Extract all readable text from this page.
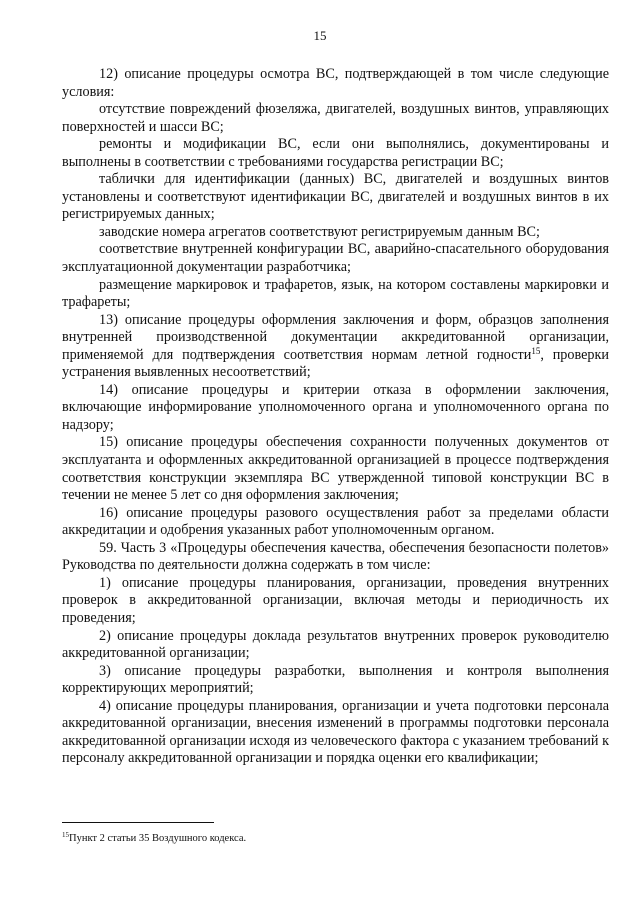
15

12) описание процедуры осмотра ВС, подтверждающей в том числе следующие условия:

отсутствие повреждений фюзеляжа, двигателей, воздушных винтов, управляющих поверхностей и шасси ВС;

ремонты и модификации ВС, если они выполнялись, документированы и выполнены в соответствии с требованиями государства регистрации ВС;

таблички для идентификации (данных) ВС, двигателей и воздушных винтов установлены и соответствуют идентификации ВС, двигателей и воздушных винтов в их регистрируемых данных;

заводские номера агрегатов соответствуют регистрируемым данным ВС;

соответствие внутренней конфигурации ВС, аварийно-спасательного оборудования эксплуатационной документации разработчика;

размещение маркировок и трафаретов, язык, на котором составлены маркировки и трафареты;

13) описание процедуры оформления заключения и форм, образцов заполнения внутренней производственной документации аккредитованной организации, применяемой для подтверждения соответствия нормам летной годности$^{15}$, проверки устранения выявленных несоответствий;

14) описание процедуры и критерии отказа в оформлении заключения, включающие информирование уполномоченного органа и уполномоченного органа по надзору;

15) описание процедуры обеспечения сохранности полученных документов от эксплуатанта и оформленных аккредитованной организацией в процессе подтверждения соответствия конструкции экземпляра ВС утвержденной типовой конструкции ВС в течении не менее 5 лет со дня оформления заключения;

16) описание процедуры разового осуществления работ за пределами области аккредитации и одобрения указанных работ уполномоченным органом.

59. Часть 3 «Процедуры обеспечения качества, обеспечения безопасности полетов» Руководства по деятельности должна содержать в том числе:

1) описание процедуры планирования, организации, проведения внутренних проверок в аккредитованной организации, включая методы и периодичность их проведения;

2) описание процедуры доклада результатов внутренних проверок руководителю аккредитованной организации;

3) описание процедуры разработки, выполнения и контроля выполнения корректирующих мероприятий;

4) описание процедуры планирования, организации и учета подготовки персонала аккредитованной организации, внесения изменений в программы подготовки персонала аккредитованной организации исходя из человеческого фактора с указанием требований к персоналу аккредитованной организации и порядка оценки его квалификации;

$^{15}$Пункт 2 статьи 35 Воздушного кодекса.
